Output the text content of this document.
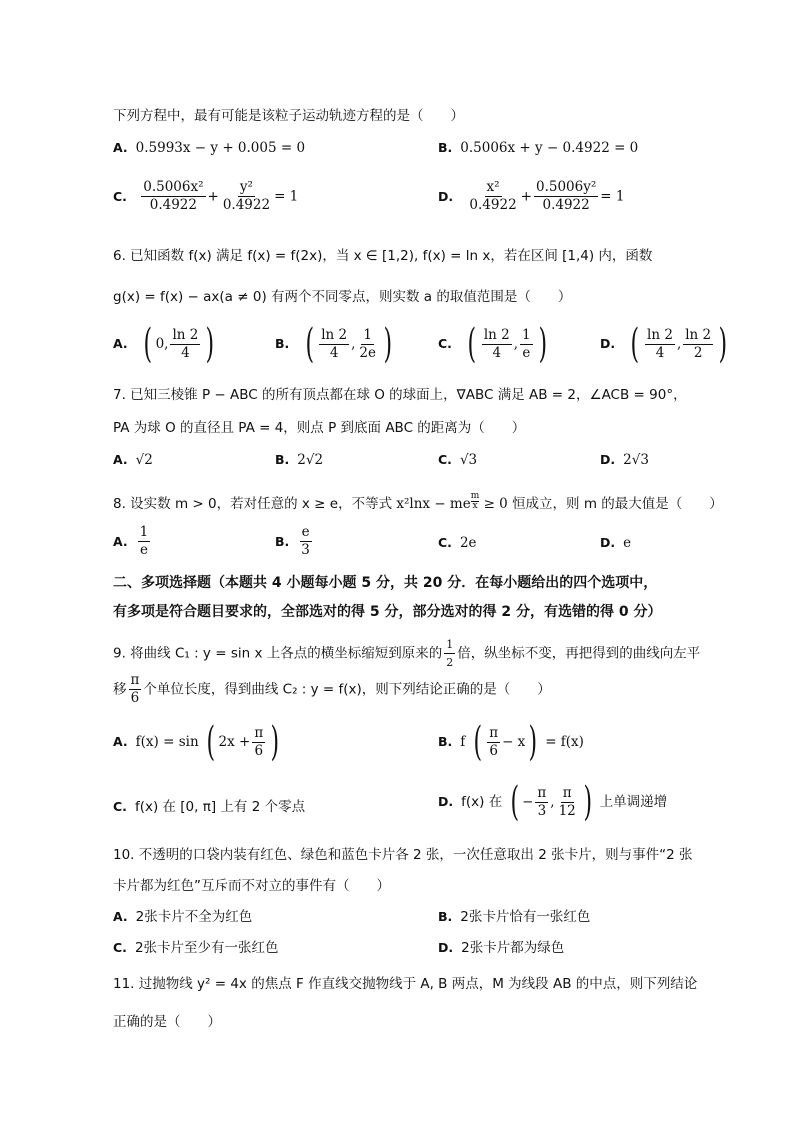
下列方程中，最有可能是该粒子运动轨迹方程的是（　　）
A. 0.5993x − y + 0.005 = 0	B. 0.5006x + y − 0.4922 = 0
C. $\frac{\text{0.5006x²}}{0.4922} + \frac{\text{y²}}{0.4922} = 1$	D. $\frac{\text{x²}}{0.4922} + \frac{\text{0.5006y²}}{0.4922} = 1$
6. 已知函数 f(x) 满足 f(x) = f(2x)，当 x ∈ [1,2), f(x) = ln x，若在区间 [1,4) 内，函数
g(x) = f(x) − ax(a ≠ 0) 有两个不同零点，则实数 a 的取值范围是（　　）
A. ( 0, $\frac{\ln 2}{4}$ )	B. ( $\frac{\ln 2}{4}$ , $\frac{1}{2e}$ )	C. ( $\frac{\ln 2}{4}$ , $\frac{1}{e}$ )	D. ( $\frac{\ln 2}{4}$ , $\frac{\ln 2}{2}$ )
7. 已知三棱锥 P − ABC 的所有顶点都在球 O 的球面上，∇ABC 满足 AB = 2，∠ACB = 90°，
PA 为球 O 的直径且 PA = 4，则点 P 到底面 ABC 的距离为（　　）
A. √2	B. 2√2	C. √3	D. 2√3
8. 设实数 m > 0，若对任意的 x ≥ e，不等式 x²lnx − me $^{\frac{m}{x}}$ ≥ 0 恒成立，则 m 的最大值是（　　）
A. $\frac{1}{e}$	B. $\frac{e}{3}$	C. 2e	D. e
二、多项选择题（本题共 4 小题每小题 5 分，共 20 分．在每小题给出的四个选项中，
有多项是符合题目要求的，全部选对的得 5 分，部分选对的得 2 分，有选错的得 0 分）
9. 将曲线 C₁ : y = sin x 上各点的横坐标缩短到原来的 $\frac{1}{2}$ 倍，纵坐标不变，再把得到的曲线向左平
移 $\frac{\pi}{6}$ 个单位长度，得到曲线 C₂ : y = f(x)，则下列结论正确的是（　　）
A. f(x) = sin ( $2x + \frac{\pi}{6}$ )	B. f ( $\frac{\pi}{6} - x$ ) = f(x)
C. f(x) 在 [0, π] 上有 2 个零点	D. f(x) 在 ( − $\frac{\pi}{3}$ , $\frac{\pi}{12}$ ) 上单调递增
10. 不透明的口袋内装有红色、绿色和蓝色卡片各 2 张，一次任意取出 2 张卡片，则与事件“2 张
卡片都为红色”互斥而不对立的事件有（　　）
A. 2张卡片不全为红色	B. 2张卡片恰有一张红色
C. 2张卡片至少有一张红色	D. 2张卡片都为绿色
11. 过抛物线 y² = 4x 的焦点 F 作直线交抛物线于 A, B 两点，M 为线段 AB 的中点，则下列结论
正确的是（　　）
